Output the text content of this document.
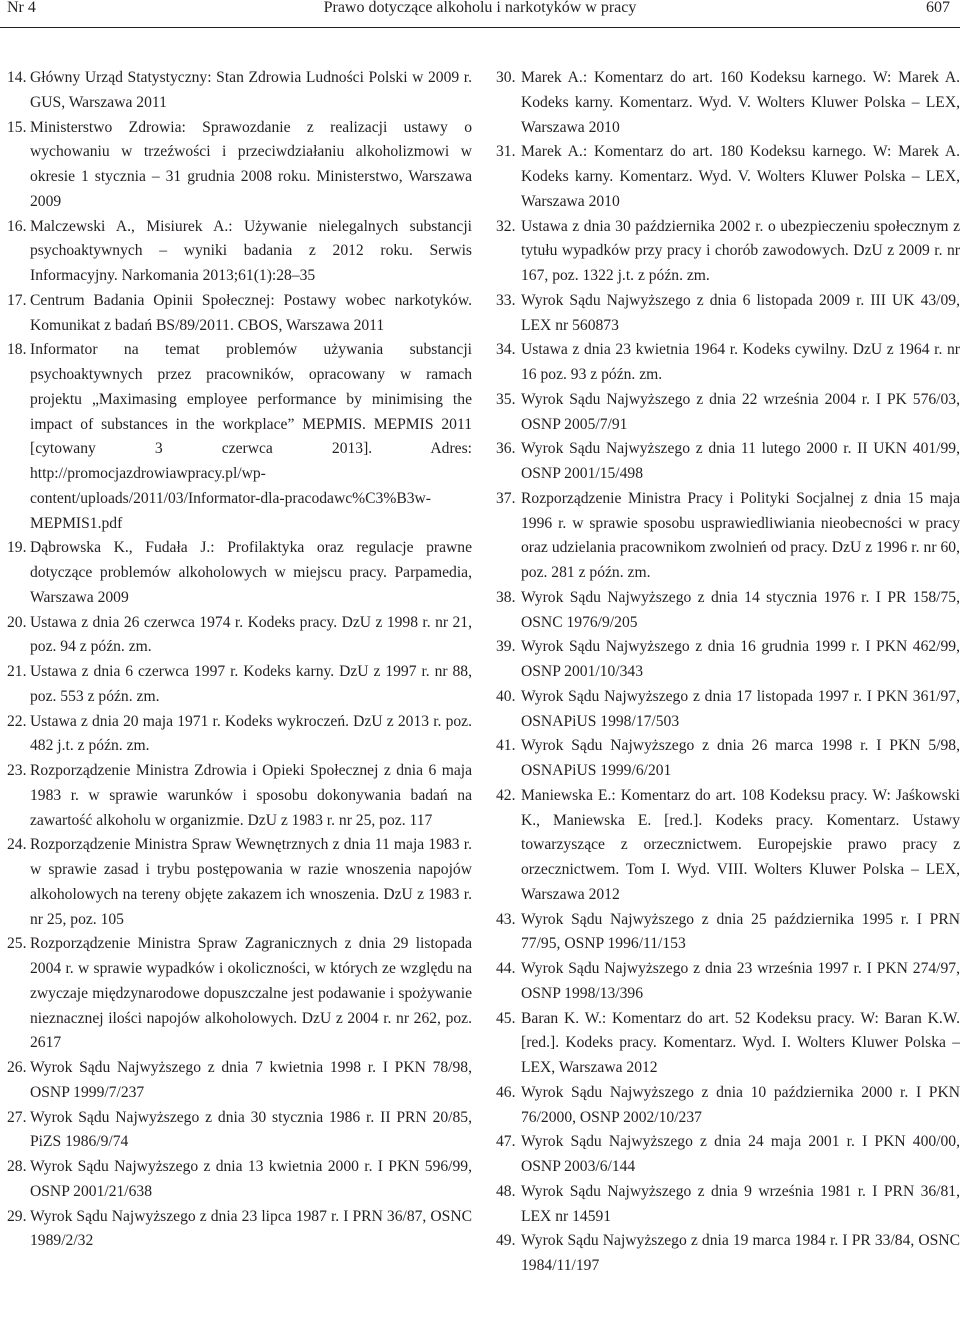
Nr 4	Prawo dotyczące alkoholu i narkotyków w pracy	607
14. Główny Urząd Statystyczny: Stan Zdrowia Ludności Polski w 2009 r. GUS, Warszawa 2011
15. Ministerstwo Zdrowia: Sprawozdanie z realizacji ustawy o wychowaniu w trzeźwości i przeciwdziałaniu alkoholizmowi w okresie 1 stycznia – 31 grudnia 2008 roku. Ministerstwo, Warszawa 2009
16. Malczewski A., Misiurek A.: Używanie nielegalnych substancji psychoaktywnych – wyniki badania z 2012 roku. Serwis Informacyjny. Narkomania 2013;61(1):28–35
17. Centrum Badania Opinii Społecznej: Postawy wobec narkotyków. Komunikat z badań BS/89/2011. CBOS, Warszawa 2011
18. Informator na temat problemów używania substancji psychoaktywnych przez pracowników, opracowany w ramach projektu „Maximasing employee performance by minimising the impact of substances in the workplace” MEPMIS. MEPMIS 2011 [cytowany 3 czerwca 2013]. Adres: http://promocjazdrowiawpracy.pl/wp-content/uploads/2011/03/Informator-dla-pracodawc%C3%B3w-MEPMIS1.pdf
19. Dąbrowska K., Fudała J.: Profilaktyka oraz regulacje prawne dotyczące problemów alkoholowych w miejscu pracy. Parpamedia, Warszawa 2009
20. Ustawa z dnia 26 czerwca 1974 r. Kodeks pracy. DzU z 1998 r. nr 21, poz. 94 z późn. zm.
21. Ustawa z dnia 6 czerwca 1997 r. Kodeks karny. DzU z 1997 r. nr 88, poz. 553 z późn. zm.
22. Ustawa z dnia 20 maja 1971 r. Kodeks wykroczeń. DzU z 2013 r. poz. 482 j.t. z późn. zm.
23. Rozporządzenie Ministra Zdrowia i Opieki Społecznej z dnia 6 maja 1983 r. w sprawie warunków i sposobu dokonywania badań na zawartość alkoholu w organizmie. DzU z 1983 r. nr 25, poz. 117
24. Rozporządzenie Ministra Spraw Wewnętrznych z dnia 11 maja 1983 r. w sprawie zasad i trybu postępowania w razie wnoszenia napojów alkoholowych na tereny objęte zakazem ich wnoszenia. DzU z 1983 r. nr 25, poz. 105
25. Rozporządzenie Ministra Spraw Zagranicznych z dnia 29 listopada 2004 r. w sprawie wypadków i okoliczności, w których ze względu na zwyczaje międzynarodowe dopuszczalne jest podawanie i spożywanie nieznacznej ilości napojów alkoholowych. DzU z 2004 r. nr 262, poz. 2617
26. Wyrok Sądu Najwyższego z dnia 7 kwietnia 1998 r. I PKN 78/98, OSNP 1999/7/237
27. Wyrok Sądu Najwyższego z dnia 30 stycznia 1986 r. II PRN 20/85, PiZS 1986/9/74
28. Wyrok Sądu Najwyższego z dnia 13 kwietnia 2000 r. I PKN 596/99, OSNP 2001/21/638
29. Wyrok Sądu Najwyższego z dnia 23 lipca 1987 r. I PRN 36/87, OSNC 1989/2/32
30. Marek A.: Komentarz do art. 160 Kodeksu karnego. W: Marek A. Kodeks karny. Komentarz. Wyd. V. Wolters Kluwer Polska – LEX, Warszawa 2010
31. Marek A.: Komentarz do art. 180 Kodeksu karnego. W: Marek A. Kodeks karny. Komentarz. Wyd. V. Wolters Kluwer Polska – LEX, Warszawa 2010
32. Ustawa z dnia 30 października 2002 r. o ubezpieczeniu społecznym z tytułu wypadków przy pracy i chorób zawodowych. DzU z 2009 r. nr 167, poz. 1322 j.t. z późn. zm.
33. Wyrok Sądu Najwyższego z dnia 6 listopada 2009 r. III UK 43/09, LEX nr 560873
34. Ustawa z dnia 23 kwietnia 1964 r. Kodeks cywilny. DzU z 1964 r. nr 16 poz. 93 z późn. zm.
35. Wyrok Sądu Najwyższego z dnia 22 września 2004 r. I PK 576/03, OSNP 2005/7/91
36. Wyrok Sądu Najwyższego z dnia 11 lutego 2000 r. II UKN 401/99, OSNP 2001/15/498
37. Rozporządzenie Ministra Pracy i Polityki Socjalnej z dnia 15 maja 1996 r. w sprawie sposobu usprawiedliwiania nieobecności w pracy oraz udzielania pracownikom zwolnień od pracy. DzU z 1996 r. nr 60, poz. 281 z późn. zm.
38. Wyrok Sądu Najwyższego z dnia 14 stycznia 1976 r. I PR 158/75, OSNC 1976/9/205
39. Wyrok Sądu Najwyższego z dnia 16 grudnia 1999 r. I PKN 462/99, OSNP 2001/10/343
40. Wyrok Sądu Najwyższego z dnia 17 listopada 1997 r. I PKN 361/97, OSNAPiUS 1998/17/503
41. Wyrok Sądu Najwyższego z dnia 26 marca 1998 r. I PKN 5/98, OSNAPiUS 1999/6/201
42. Maniewska E.: Komentarz do art. 108 Kodeksu pracy. W: Jaśkowski K., Maniewska E. [red.]. Kodeks pracy. Komentarz. Ustawy towarzyszące z orzecznictwem. Europejskie prawo pracy z orzecznictwem. Tom I. Wyd. VIII. Wolters Kluwer Polska – LEX, Warszawa 2012
43. Wyrok Sądu Najwyższego z dnia 25 października 1995 r. I PRN 77/95, OSNP 1996/11/153
44. Wyrok Sądu Najwyższego z dnia 23 września 1997 r. I PKN 274/97, OSNP 1998/13/396
45. Baran K. W.: Komentarz do art. 52 Kodeksu pracy. W: Baran K.W. [red.]. Kodeks pracy. Komentarz. Wyd. I. Wolters Kluwer Polska – LEX, Warszawa 2012
46. Wyrok Sądu Najwyższego z dnia 10 października 2000 r. I PKN 76/2000, OSNP 2002/10/237
47. Wyrok Sądu Najwyższego z dnia 24 maja 2001 r. I PKN 400/00, OSNP 2003/6/144
48. Wyrok Sądu Najwyższego z dnia 9 września 1981 r. I PRN 36/81, LEX nr 14591
49. Wyrok Sądu Najwyższego z dnia 19 marca 1984 r. I PR 33/84, OSNC 1984/11/197
